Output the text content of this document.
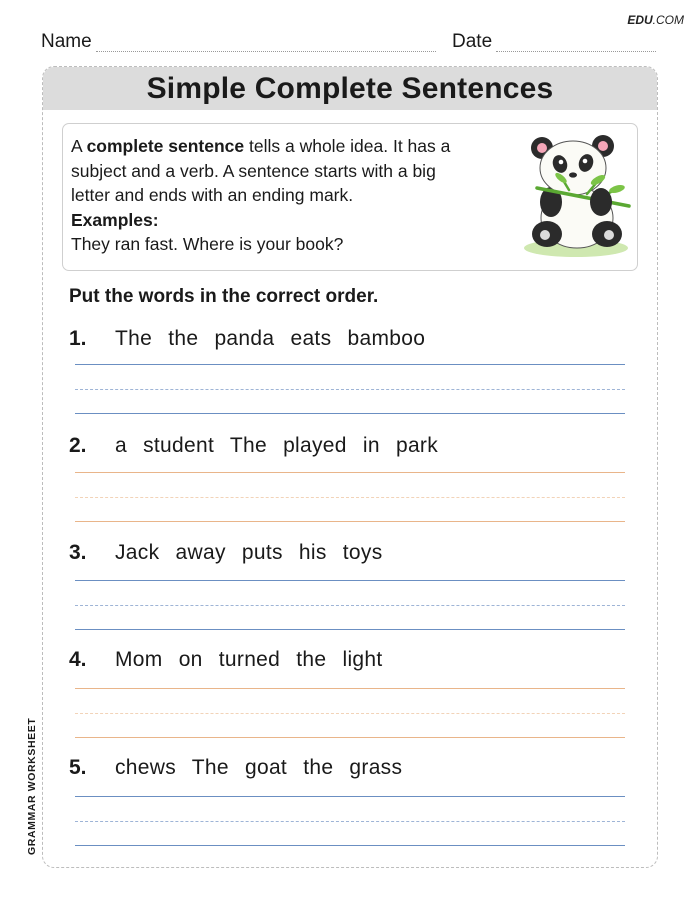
EDU.COM
Name	Date
Simple Complete Sentences
A complete sentence tells a whole idea. It has a
subject and a verb. A sentence starts with a big
letter and ends with an ending mark.
Examples:
They ran fast. Where is your book?
Put the words in the correct order.
1. The the panda eats bamboo
2. a student The played in park
3. Jack away puts his toys
4. Mom on turned the light
5. chews The goat the grass
GRAMMAR WORKSHEET
